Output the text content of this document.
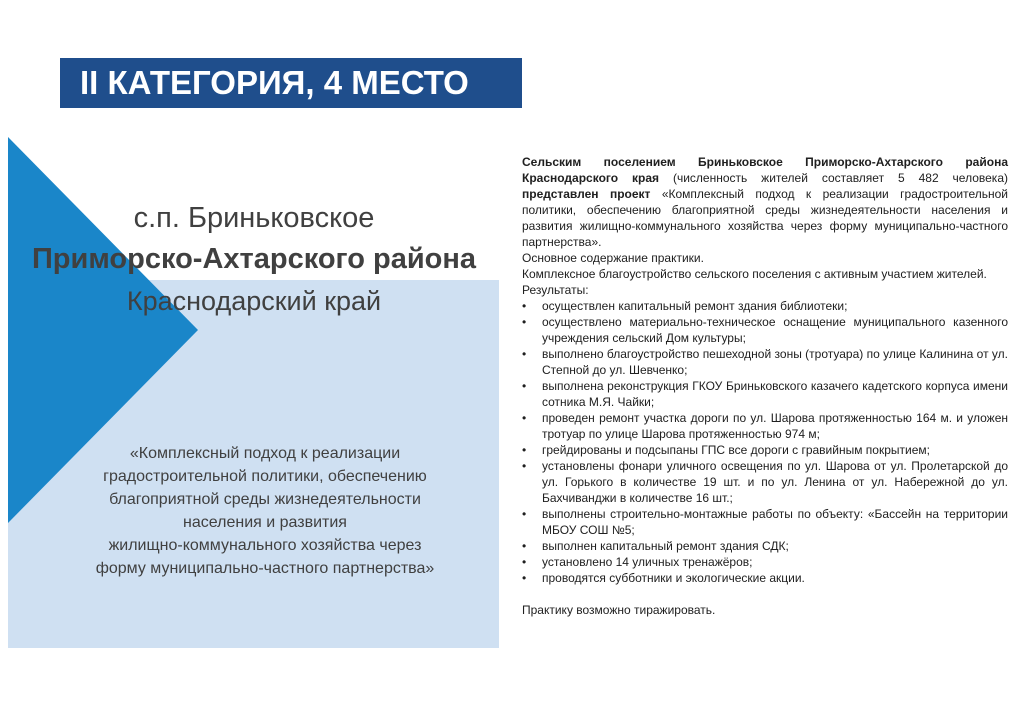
II КАТЕГОРИЯ, 4 МЕСТО
с.п. Бриньковское
Приморско-Ахтарского района
Краснодарский край
«Комплексный подход к реализации
градостроительной политики, обеспечению
благоприятной среды жизнедеятельности
населения и развития
жилищно-коммунального хозяйства через
форму муниципально-частного партнерства»

Сельским поселением Бриньковское Приморско-Ахтарского района Краснодарского края (численность жителей составляет 5 482 человека) представлен проект «Комплексный подход к реализации градостроительной политики, обеспечению благоприятной среды жизнедеятельности населения и развития жилищно-коммунального хозяйства через форму муниципально-частного партнерства».

Основное содержание практики.

Комплексное благоустройство сельского поселения с активным участием жителей.

Результаты:

• осуществлен капитальный ремонт здания библиотеки;
• осуществлено материально-техническое оснащение муниципального казенного учреждения сельский Дом культуры;
• выполнено благоустройство пешеходной зоны (тротуара) по улице Калинина от ул. Степной до ул. Шевченко;
• выполнена реконструкция ГКОУ Бриньковского казачего кадетского корпуса имени сотника М.Я. Чайки;
• проведен ремонт участка дороги по ул. Шарова протяженностью 164 м. и уложен тротуар по улице Шарова протяженностью 974 м;
• грейдированы и подсыпаны ГПС все дороги с гравийным покрытием;
• установлены фонари уличного освещения по ул. Шарова от ул. Пролетарской до ул. Горького в количестве 19 шт. и по ул. Ленина от ул. Набережной до ул. Бахчиванджи в количестве 16 шт.;
• выполнены строительно-монтажные работы по объекту: «Бассейн на территории МБОУ СОШ №5;
• выполнен капитальный ремонт здания СДК;
• установлено 14 уличных тренажёров;
• проводятся субботники и экологические акции.

Практику возможно тиражировать.
